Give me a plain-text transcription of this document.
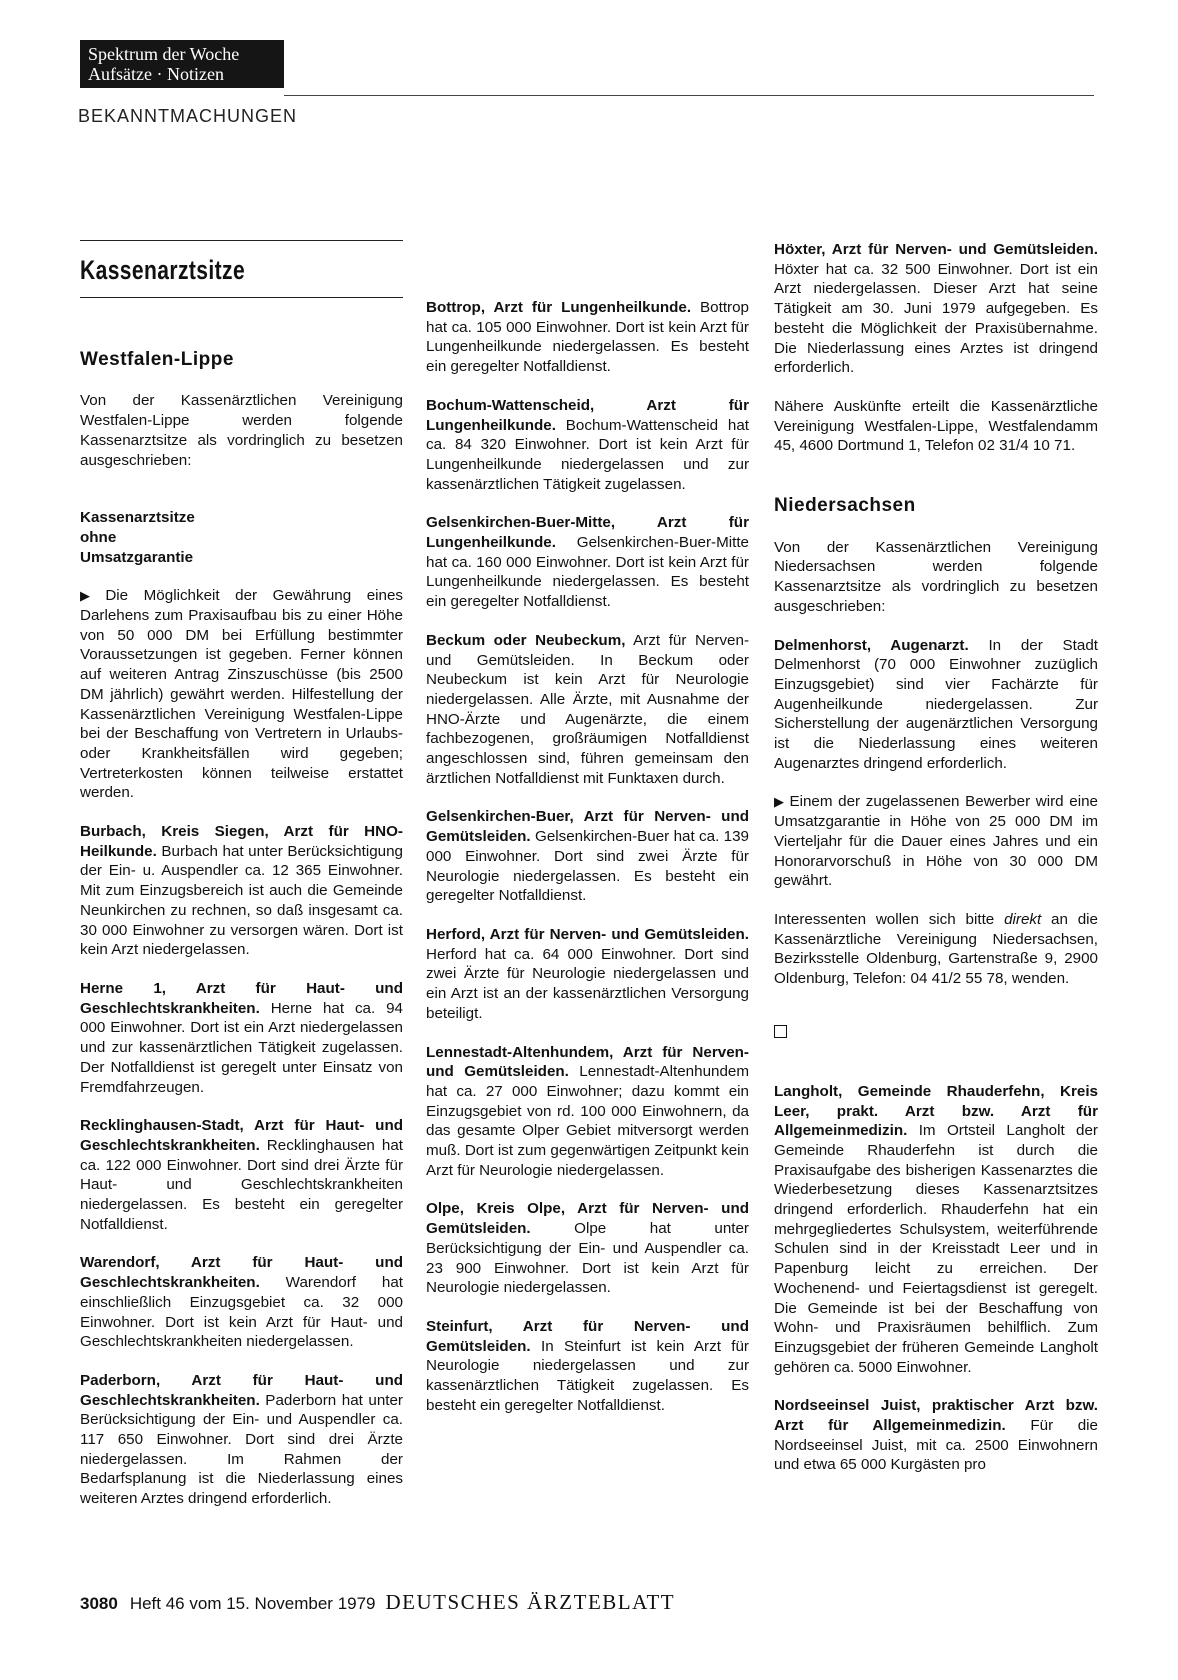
Spektrum der Woche
Aufsätze · Notizen
BEKANNTMACHUNGEN
Kassenarztsitze
Westfalen-Lippe

Von der Kassenärztlichen Vereinigung Westfalen-Lippe werden folgende Kassenarztsitze als vordringlich zu besetzen ausgeschrieben:

Kassenarztsitze
ohne
Umsatzgarantie

▶ Die Möglichkeit der Gewährung eines Darlehens zum Praxisaufbau bis zu einer Höhe von 50 000 DM bei Erfüllung bestimmter Voraussetzungen ist gegeben. Ferner können auf weiteren Antrag Zinszuschüsse (bis 2500 DM jährlich) gewährt werden. Hilfestellung der Kassenärztlichen Vereinigung Westfalen-Lippe bei der Beschaffung von Vertretern in Urlaubs- oder Krankheitsfällen wird gegeben; Vertreterkosten können teilweise erstattet werden.

Burbach, Kreis Siegen, Arzt für HNO-Heilkunde. Burbach hat unter Berücksichtigung der Ein- u. Auspendler ca. 12 365 Einwohner. Mit zum Einzugsbereich ist auch die Gemeinde Neunkirchen zu rechnen, so daß insgesamt ca. 30 000 Einwohner zu versorgen wären. Dort ist kein Arzt niedergelassen.

Herne 1, Arzt für Haut- und Geschlechtskrankheiten. Herne hat ca. 94 000 Einwohner. Dort ist ein Arzt niedergelassen und zur kassenärztlichen Tätigkeit zugelassen. Der Notfalldienst ist geregelt unter Einsatz von Fremdfahrzeugen.

Recklinghausen-Stadt, Arzt für Haut- und Geschlechtskrankheiten. Recklinghausen hat ca. 122 000 Einwohner. Dort sind drei Ärzte für Haut- und Geschlechtskrankheiten niedergelassen. Es besteht ein geregelter Notfalldienst.

Warendorf, Arzt für Haut- und Geschlechtskrankheiten. Warendorf hat einschließlich Einzugsgebiet ca. 32 000 Einwohner. Dort ist kein Arzt für Haut- und Geschlechtskrankheiten niedergelassen.

Paderborn, Arzt für Haut- und Geschlechtskrankheiten. Paderborn hat unter Berücksichtigung der Ein- und Auspendler ca. 117 650 Einwohner. Dort sind drei Ärzte niedergelassen. Im Rahmen der Bedarfsplanung ist die Niederlassung eines weiteren Arztes dringend erforderlich.

Bottrop, Arzt für Lungenheilkunde. Bottrop hat ca. 105 000 Einwohner. Dort ist kein Arzt für Lungenheilkunde niedergelassen. Es besteht ein geregelter Notfalldienst.

Bochum-Wattenscheid, Arzt für Lungenheilkunde. Bochum-Wattenscheid hat ca. 84 320 Einwohner. Dort ist kein Arzt für Lungenheilkunde niedergelassen und zur kassenärztlichen Tätigkeit zugelassen.

Gelsenkirchen-Buer-Mitte, Arzt für Lungenheilkunde. Gelsenkirchen-Buer-Mitte hat ca. 160 000 Einwohner. Dort ist kein Arzt für Lungenheilkunde niedergelassen. Es besteht ein geregelter Notfalldienst.

Beckum oder Neubeckum, Arzt für Nerven- und Gemütsleiden. In Beckum oder Neubeckum ist kein Arzt für Neurologie niedergelassen. Alle Ärzte, mit Ausnahme der HNO-Ärzte und Augenärzte, die einem fachbezogenen, großräumigen Notfalldienst angeschlossen sind, führen gemeinsam den ärztlichen Notfalldienst mit Funktaxen durch.

Gelsenkirchen-Buer, Arzt für Nerven- und Gemütsleiden. Gelsenkirchen-Buer hat ca. 139 000 Einwohner. Dort sind zwei Ärzte für Neurologie niedergelassen. Es besteht ein geregelter Notfalldienst.

Herford, Arzt für Nerven- und Gemütsleiden. Herford hat ca. 64 000 Einwohner. Dort sind zwei Ärzte für Neurologie niedergelassen und ein Arzt ist an der kassenärztlichen Versorgung beteiligt.

Lennestadt-Altenhundem, Arzt für Nerven- und Gemütsleiden. Lennestadt-Altenhundem hat ca. 27 000 Einwohner; dazu kommt ein Einzugsgebiet von rd. 100 000 Einwohnern, da das gesamte Olper Gebiet mitversorgt werden muß. Dort ist zum gegenwärtigen Zeitpunkt kein Arzt für Neurologie niedergelassen.

Olpe, Kreis Olpe, Arzt für Nerven- und Gemütsleiden. Olpe hat unter Berücksichtigung der Ein- und Auspendler ca. 23 900 Einwohner. Dort ist kein Arzt für Neurologie niedergelassen.

Steinfurt, Arzt für Nerven- und Gemütsleiden. In Steinfurt ist kein Arzt für Neurologie niedergelassen und zur kassenärztlichen Tätigkeit zugelassen. Es besteht ein geregelter Notfalldienst.

Höxter, Arzt für Nerven- und Gemütsleiden. Höxter hat ca. 32 500 Einwohner. Dort ist ein Arzt niedergelassen. Dieser Arzt hat seine Tätigkeit am 30. Juni 1979 aufgegeben. Es besteht die Möglichkeit der Praxisübernahme. Die Niederlassung eines Arztes ist dringend erforderlich.

Nähere Auskünfte erteilt die Kassenärztliche Vereinigung Westfalen-Lippe, Westfalendamm 45, 4600 Dortmund 1, Telefon 02 31/4 10 71.

Niedersachsen

Von der Kassenärztlichen Vereinigung Niedersachsen werden folgende Kassenarztsitze als vordringlich zu besetzen ausgeschrieben:

Delmenhorst, Augenarzt. In der Stadt Delmenhorst (70 000 Einwohner zuzüglich Einzugsgebiet) sind vier Fachärzte für Augenheilkunde niedergelassen. Zur Sicherstellung der augenärztlichen Versorgung ist die Niederlassung eines weiteren Augenarztes dringend erforderlich.

▶ Einem der zugelassenen Bewerber wird eine Umsatzgarantie in Höhe von 25 000 DM im Vierteljahr für die Dauer eines Jahres und ein Honorarvorschuß in Höhe von 30 000 DM gewährt.

Interessenten wollen sich bitte direkt an die Kassenärztliche Vereinigung Niedersachsen, Bezirksstelle Oldenburg, Gartenstraße 9, 2900 Oldenburg, Telefon: 04 41/2 55 78, wenden.

Langholt, Gemeinde Rhauderfehn, Kreis Leer, prakt. Arzt bzw. Arzt für Allgemeinmedizin. Im Ortsteil Langholt der Gemeinde Rhauderfehn ist durch die Praxisaufgabe des bisherigen Kassenarztes die Wiederbesetzung dieses Kassenarztsitzes dringend erforderlich. Rhauderfehn hat ein mehrgegliedertes Schulsystem, weiterführende Schulen sind in der Kreisstadt Leer und in Papenburg leicht zu erreichen. Der Wochenend- und Feiertagsdienst ist geregelt. Die Gemeinde ist bei der Beschaffung von Wohn- und Praxisräumen behilflich. Zum Einzugsgebiet der früheren Gemeinde Langholt gehören ca. 5000 Einwohner.

Nordseeinsel Juist, praktischer Arzt bzw. Arzt für Allgemeinmedizin. Für die Nordseeinsel Juist, mit ca. 2500 Einwohnern und etwa 65 000 Kurgästen pro

3080 Heft 46 vom 15. November 1979 DEUTSCHES ÄRZTEBLATT
